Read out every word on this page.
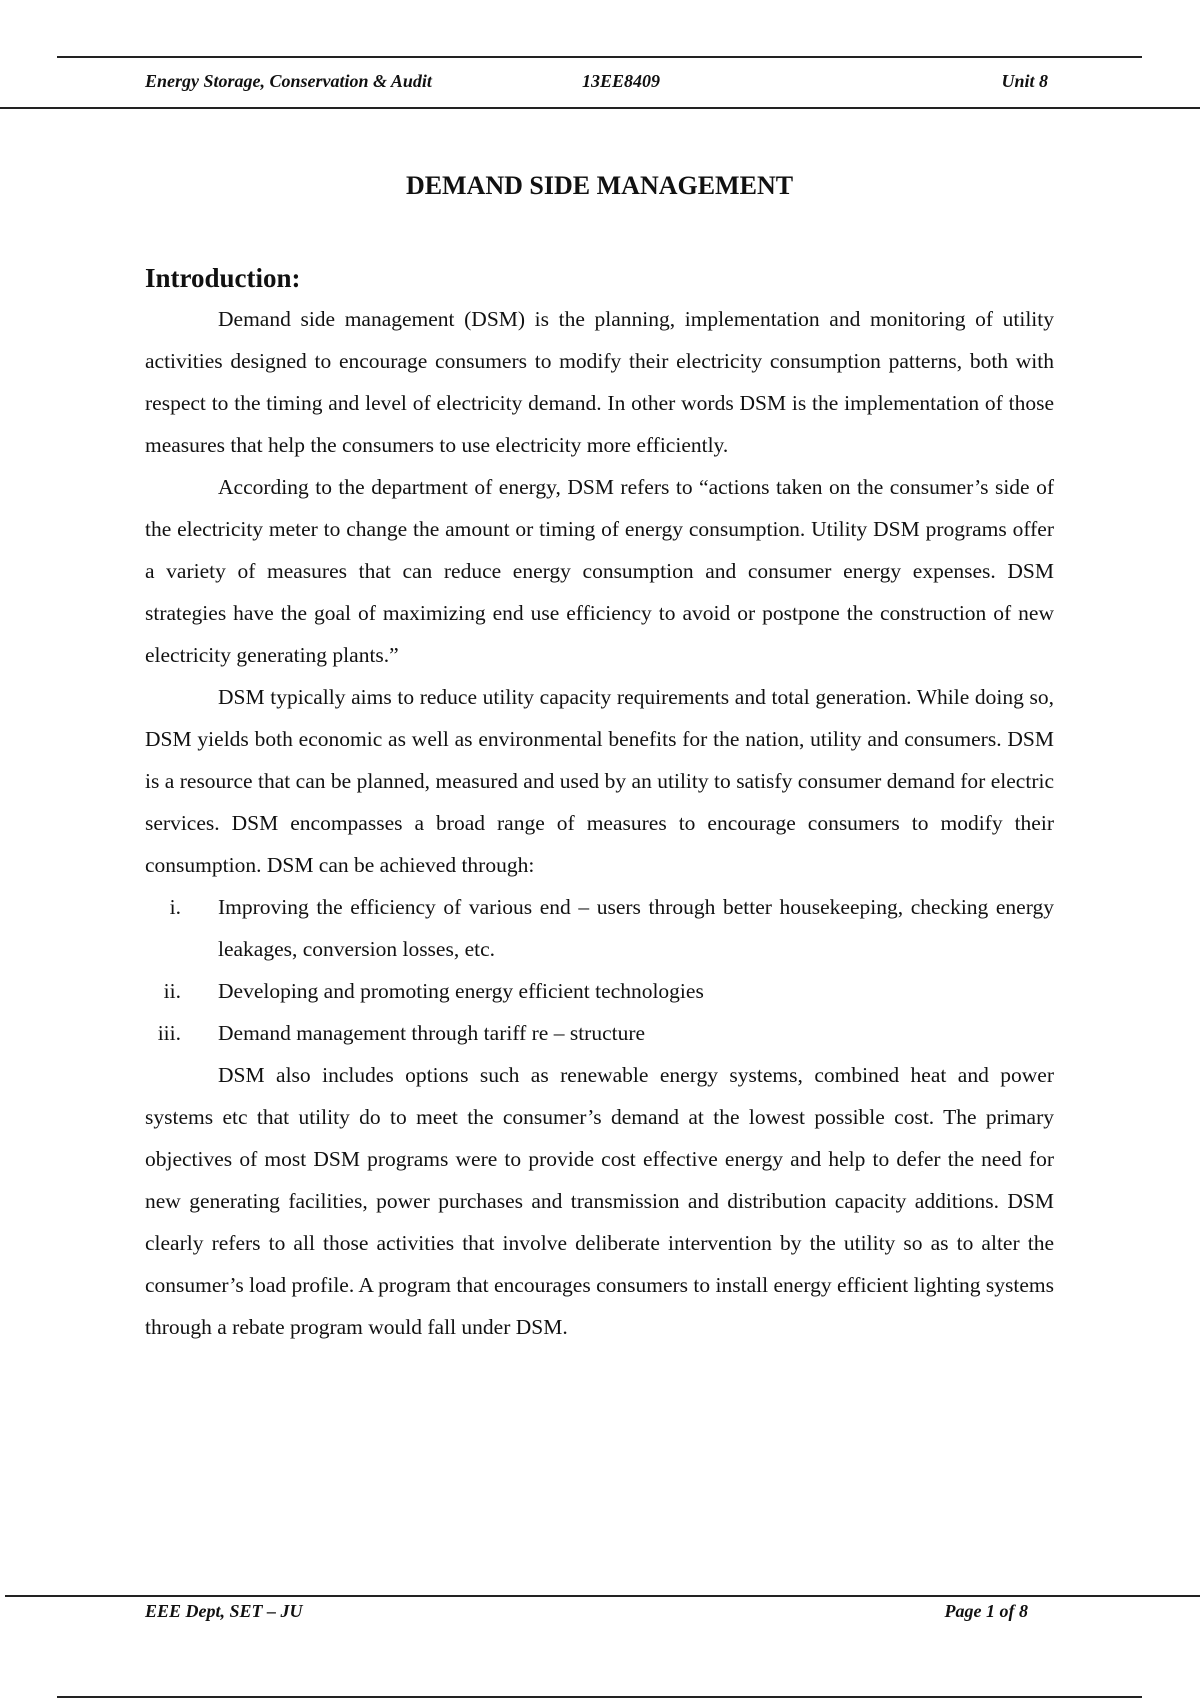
Energy Storage, Conservation & Audit	13EE8409	Unit 8
DEMAND SIDE MANAGEMENT
Introduction:

Demand side management (DSM) is the planning, implementation and monitoring of utility activities designed to encourage consumers to modify their electricity consumption patterns, both with respect to the timing and level of electricity demand. In other words DSM is the implementation of those measures that help the consumers to use electricity more efficiently.

According to the department of energy, DSM refers to “actions taken on the consumer’s side of the electricity meter to change the amount or timing of energy consumption. Utility DSM programs offer a variety of measures that can reduce energy consumption and consumer energy expenses. DSM strategies have the goal of maximizing end use efficiency to avoid or postpone the construction of new electricity generating plants.”

DSM typically aims to reduce utility capacity requirements and total generation. While doing so, DSM yields both economic as well as environmental benefits for the nation, utility and consumers. DSM is a resource that can be planned, measured and used by an utility to satisfy consumer demand for electric services. DSM encompasses a broad range of measures to encourage consumers to modify their consumption. DSM can be achieved through:

i. Improving the efficiency of various end – users through better housekeeping, checking energy leakages, conversion losses, etc.
ii. Developing and promoting energy efficient technologies
iii. Demand management through tariff re – structure

DSM also includes options such as renewable energy systems, combined heat and power systems etc that utility do to meet the consumer’s demand at the lowest possible cost. The primary objectives of most DSM programs were to provide cost effective energy and help to defer the need for new generating facilities, power purchases and transmission and distribution capacity additions. DSM clearly refers to all those activities that involve deliberate intervention by the utility so as to alter the consumer’s load profile. A program that encourages consumers to install energy efficient lighting systems through a rebate program would fall under DSM.

EEE Dept, SET – JU	Page 1 of 8
